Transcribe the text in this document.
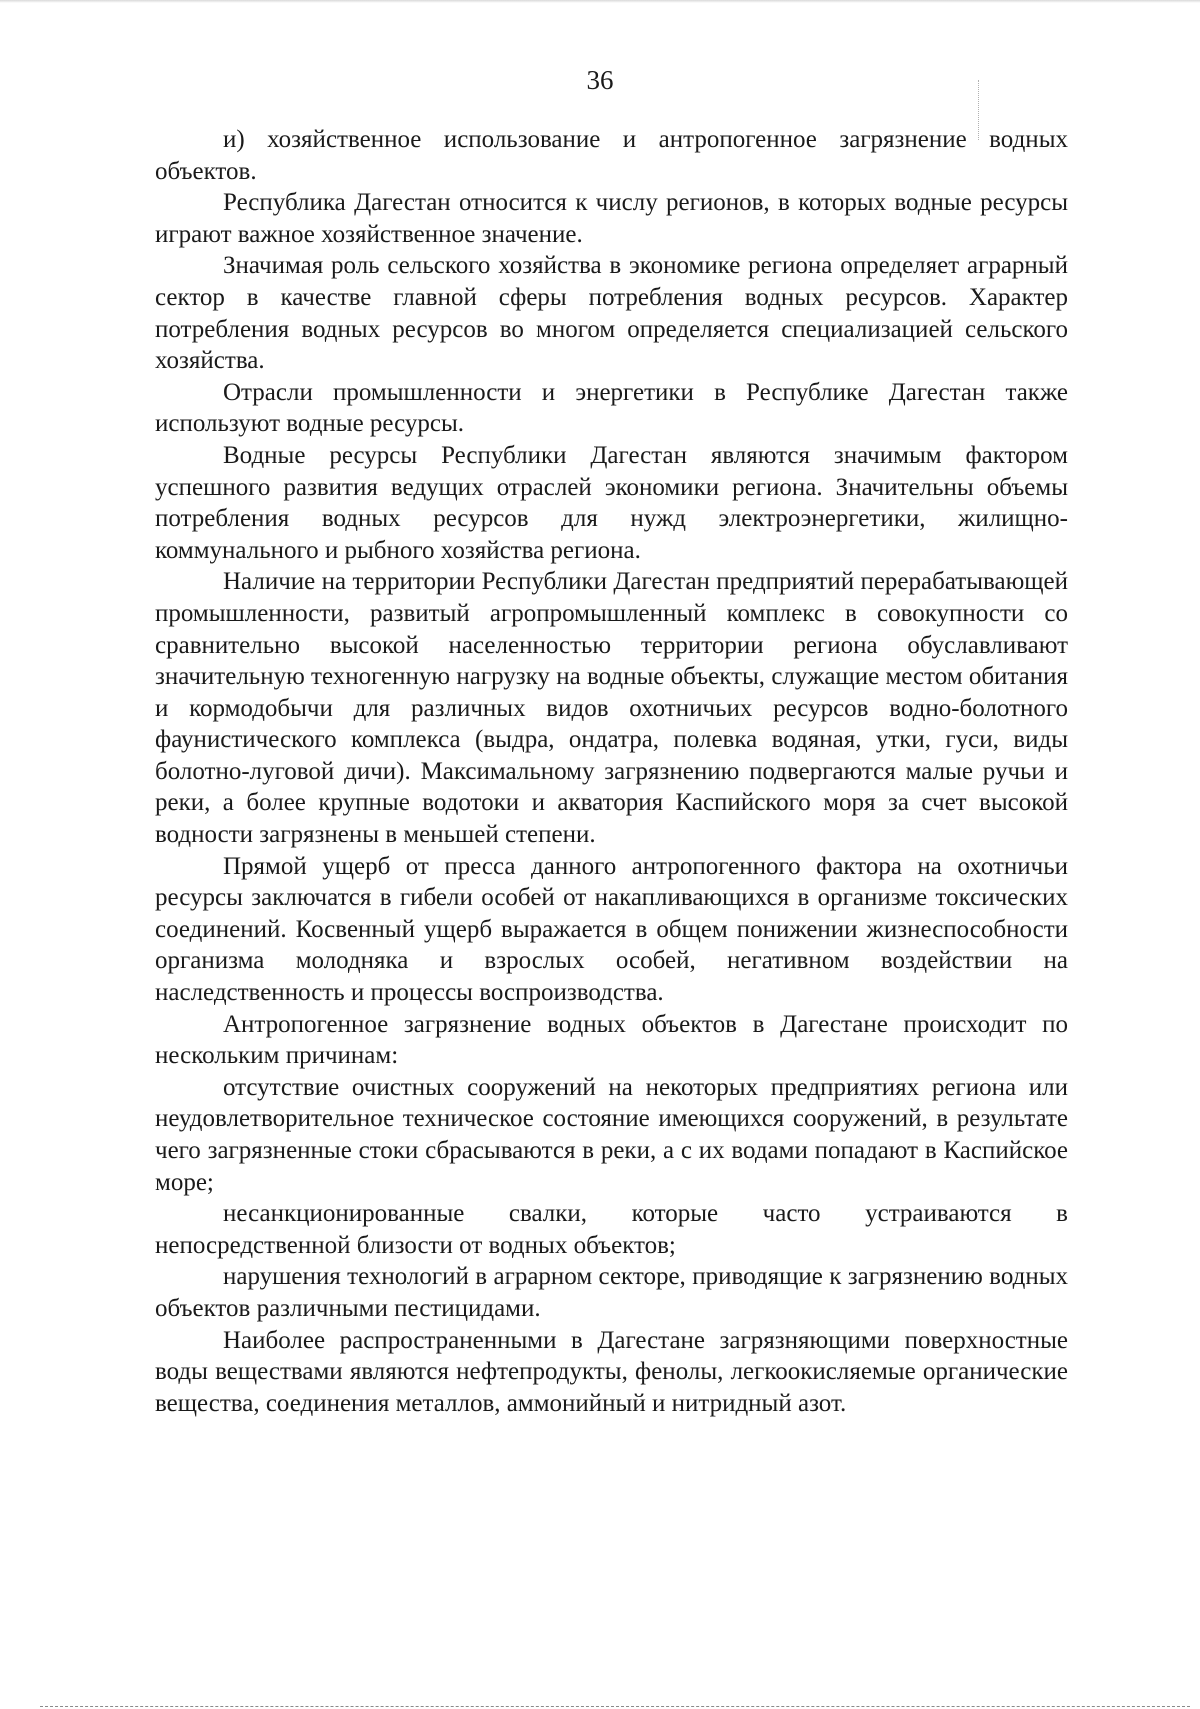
36

и) хозяйственное использование и антропогенное загрязнение водных объектов.

Республика Дагестан относится к числу регионов, в которых водные ресурсы играют важное хозяйственное значение.

Значимая роль сельского хозяйства в экономике региона определяет аграрный сектор в качестве главной сферы потребления водных ресурсов. Характер потребления водных ресурсов во многом определяется специализацией сельского хозяйства.

Отрасли промышленности и энергетики в Республике Дагестан также используют водные ресурсы.

Водные ресурсы Республики Дагестан являются значимым фактором успешного развития ведущих отраслей экономики региона. Значительны объемы потребления водных ресурсов для нужд электроэнергетики, жилищно-коммунального и рыбного хозяйства региона.

Наличие на территории Республики Дагестан предприятий перерабатывающей промышленности, развитый агропромышленный комплекс в совокупности со сравнительно высокой населенностью территории региона обуславливают значительную техногенную нагрузку на водные объекты, служащие местом обитания и кормодобычи для различных видов охотничьих ресурсов водно-болотного фаунистического комплекса (выдра, ондатра, полевка водяная, утки, гуси, виды болотно-луговой дичи). Максимальному загрязнению подвергаются малые ручьи и реки, а более крупные водотоки и акватория Каспийского моря за счет высокой водности загрязнены в меньшей степени.

Прямой ущерб от пресса данного антропогенного фактора на охотничьи ресурсы заключатся в гибели особей от накапливающихся в организме токсических соединений. Косвенный ущерб выражается в общем понижении жизнеспособности организма молодняка и взрослых особей, негативном воздействии на наследственность и процессы воспроизводства.

Антропогенное загрязнение водных объектов в Дагестане происходит по нескольким причинам:

отсутствие очистных сооружений на некоторых предприятиях региона или неудовлетворительное техническое состояние имеющихся сооружений, в результате чего загрязненные стоки сбрасываются в реки, а с их водами попадают в Каспийское море;

несанкционированные свалки, которые часто устраиваются в непосредственной близости от водных объектов;

нарушения технологий в аграрном секторе, приводящие к загрязнению водных объектов различными пестицидами.

Наиболее распространенными в Дагестане загрязняющими поверхностные воды веществами являются нефтепродукты, фенолы, легкоокисляемые органические вещества, соединения металлов, аммонийный и нитридный азот.
